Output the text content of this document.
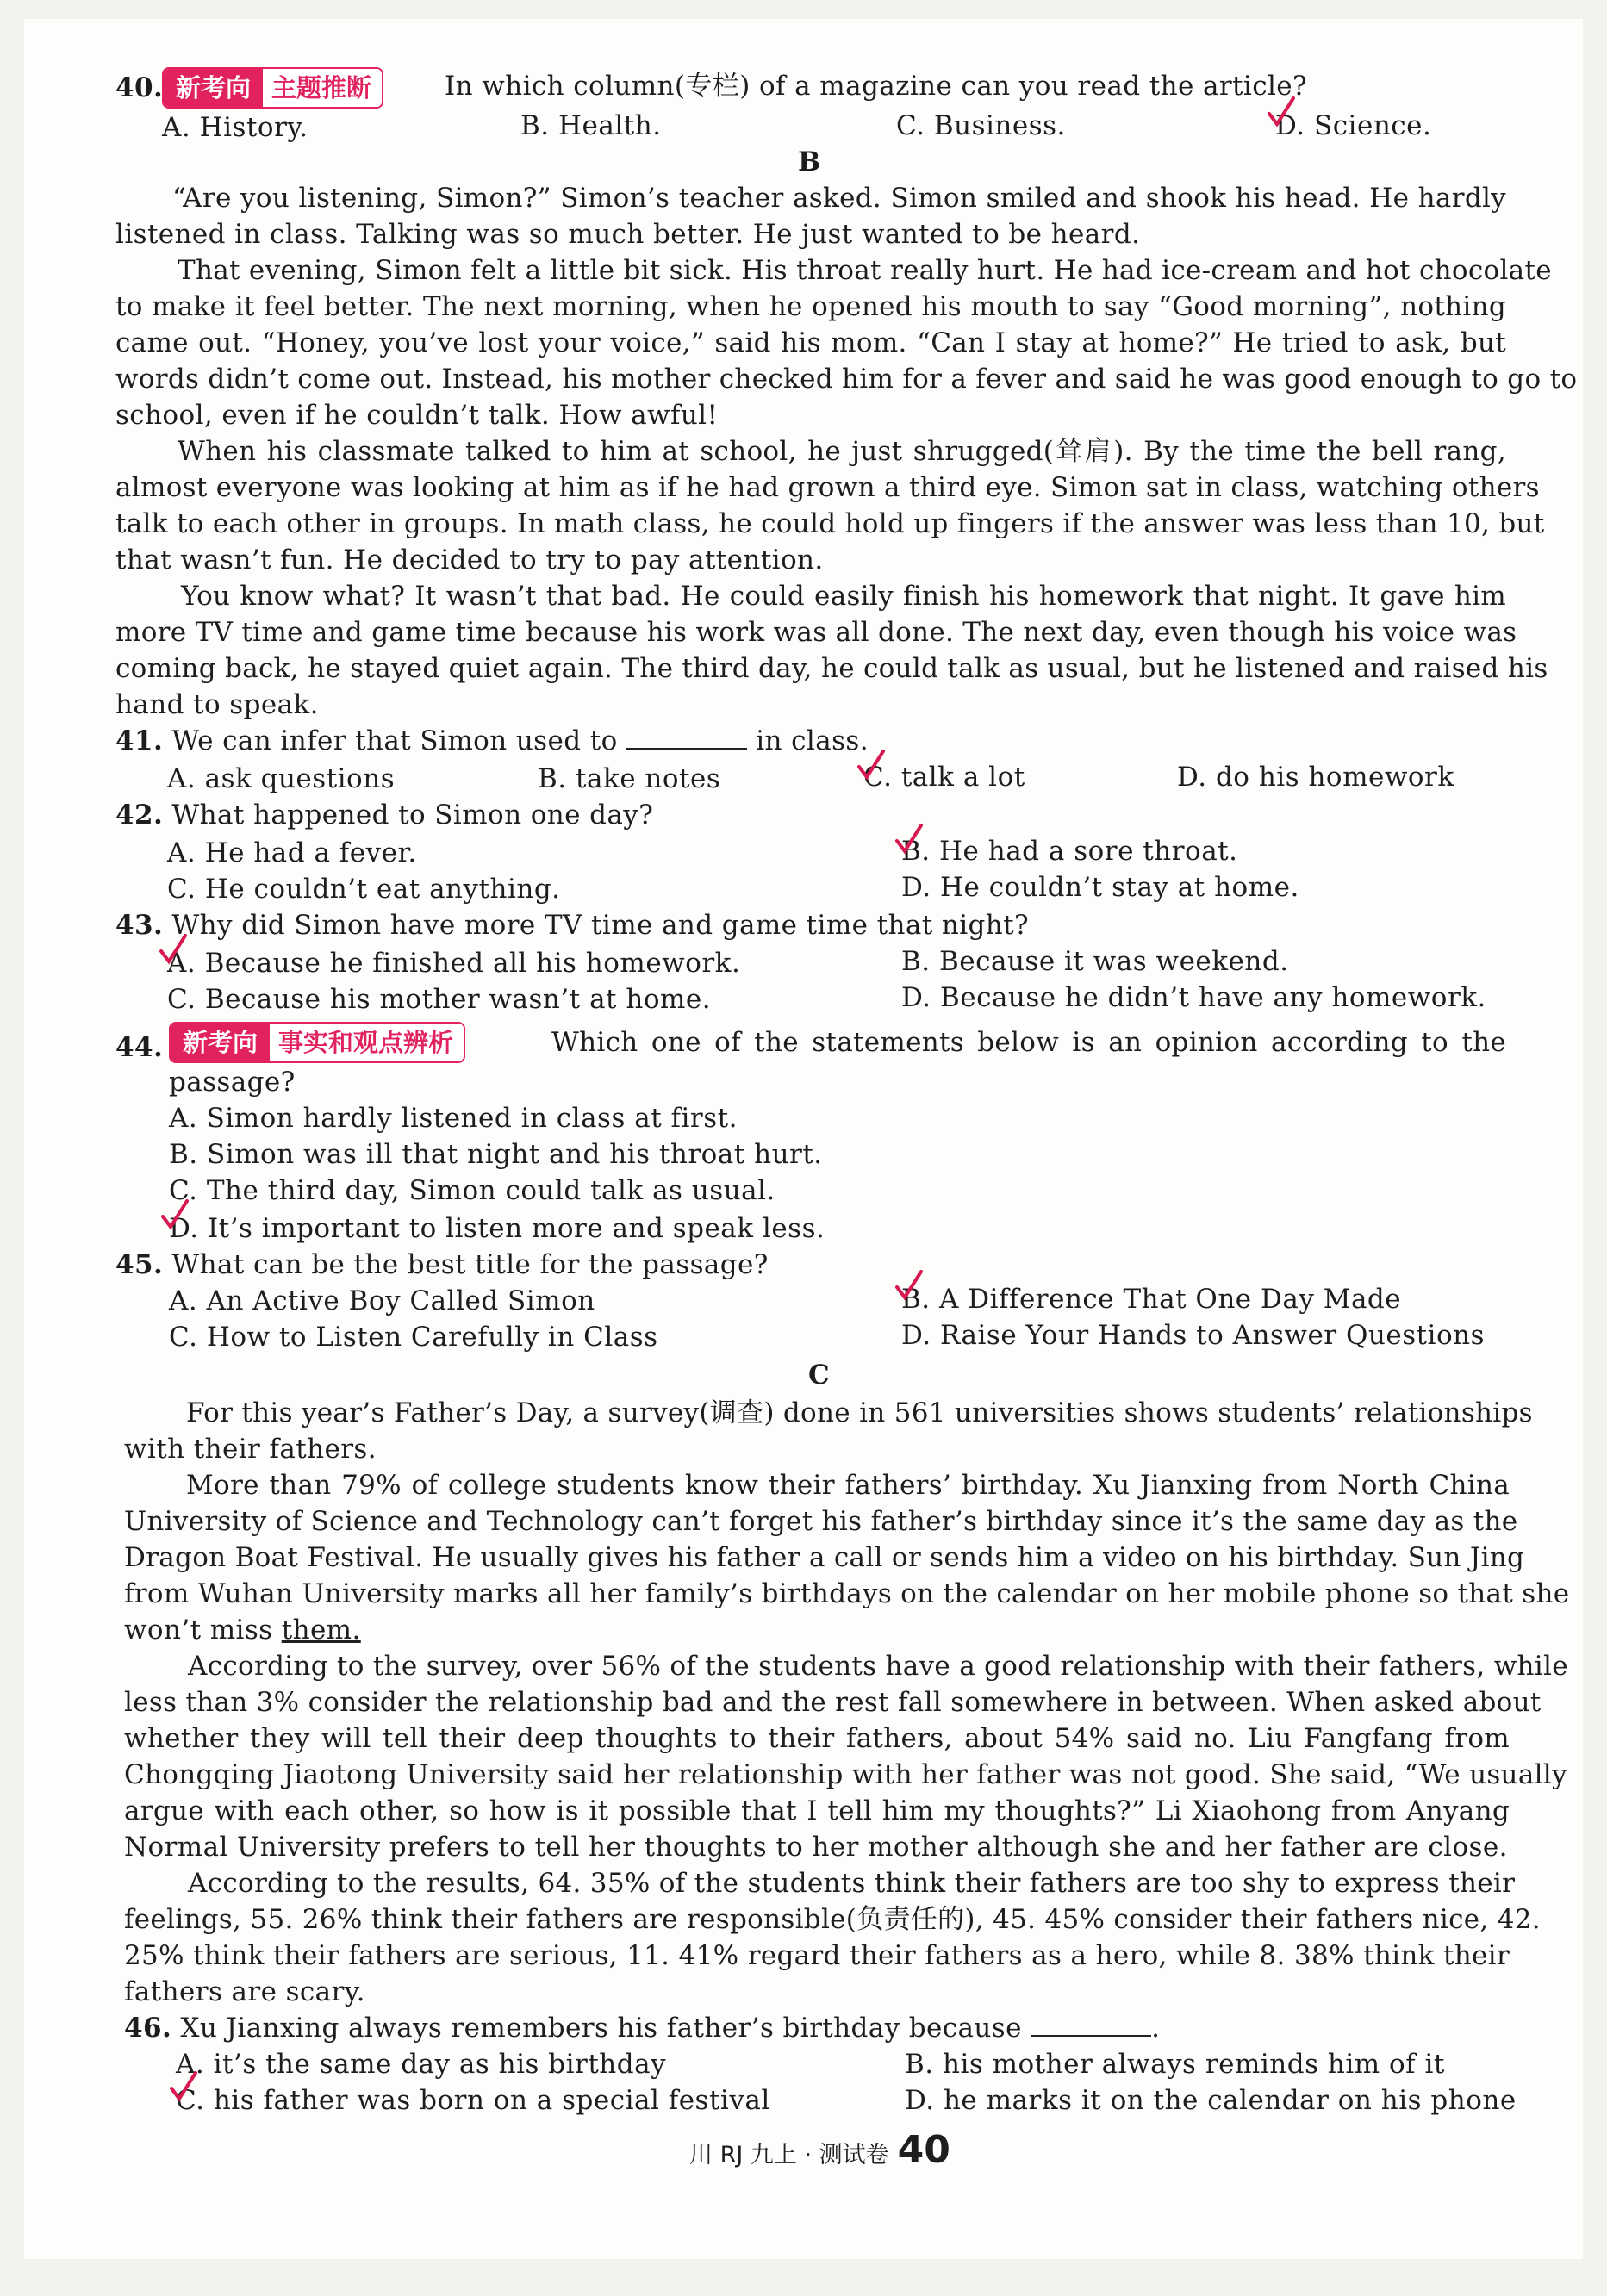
40. 新考向 主题推断	In which column(专栏) of a magazine can you read the article?
A. History.	B. Health.	C. Business.	D. Science.
B
“Are you listening, Simon?” Simon’s teacher asked. Simon smiled and shook his head. He hardly
listened in class. Talking was so much better. He just wanted to be heard.
That evening, Simon felt a little bit sick. His throat really hurt. He had ice-cream and hot chocolate
to make it feel better. The next morning, when he opened his mouth to say “Good morning”, nothing
came out. “Honey, you’ve lost your voice,” said his mom. “Can I stay at home?” He tried to ask, but
words didn’t come out. Instead, his mother checked him for a fever and said he was good enough to go to
school, even if he couldn’t talk. How awful!
When his classmate talked to him at school, he just shrugged(耸肩). By the time the bell rang,
almost everyone was looking at him as if he had grown a third eye. Simon sat in class, watching others
talk to each other in groups. In math class, he could hold up fingers if the answer was less than 10, but
that wasn’t fun. He decided to try to pay attention.
You know what? It wasn’t that bad. He could easily finish his homework that night. It gave him
more TV time and game time because his work was all done. The next day, even though his voice was
coming back, he stayed quiet again. The third day, he could talk as usual, but he listened and raised his
hand to speak.
41. We can infer that Simon used to	in class.
A. ask questions	B. take notes	C. talk a lot	D. do his homework
42. What happened to Simon one day?
A. He had a fever.	B. He had a sore throat.
C. He couldn’t eat anything.	D. He couldn’t stay at home.
43. Why did Simon have more TV time and game time that night?
A. Because he finished all his homework.	B. Because it was weekend.
C. Because his mother wasn’t at home.	D. Because he didn’t have any homework.
44. 新考向 事实和观点辨析	Which one of the statements below is an opinion according to the
passage?
A. Simon hardly listened in class at first.
B. Simon was ill that night and his throat hurt.
C. The third day, Simon could talk as usual.
D. It’s important to listen more and speak less.
45. What can be the best title for the passage?
A. An Active Boy Called Simon	B. A Difference That One Day Made
C. How to Listen Carefully in Class	D. Raise Your Hands to Answer Questions
C
For this year’s Father’s Day, a survey(调查) done in 561 universities shows students’ relationships
with their fathers.
More than 79% of college students know their fathers’ birthday. Xu Jianxing from North China
University of Science and Technology can’t forget his father’s birthday since it’s the same day as the
Dragon Boat Festival. He usually gives his father a call or sends him a video on his birthday. Sun Jing
from Wuhan University marks all her family’s birthdays on the calendar on her mobile phone so that she
won’t miss them.
According to the survey, over 56% of the students have a good relationship with their fathers, while
less than 3% consider the relationship bad and the rest fall somewhere in between. When asked about
whether they will tell their deep thoughts to their fathers, about 54% said no. Liu Fangfang from
Chongqing Jiaotong University said her relationship with her father was not good. She said, “We usually
argue with each other, so how is it possible that I tell him my thoughts?” Li Xiaohong from Anyang
Normal University prefers to tell her thoughts to her mother although she and her father are close.
According to the results, 64. 35% of the students think their fathers are too shy to express their
feelings, 55. 26% think their fathers are responsible(负责任的), 45. 45% consider their fathers nice, 42.
25% think their fathers are serious, 11. 41% regard their fathers as a hero, while 8. 38% think their
fathers are scary.
46. Xu Jianxing always remembers his father’s birthday because	.
A. it’s the same day as his birthday	B. his mother always reminds him of it
C. his father was born on a special festival	D. he marks it on the calendar on his phone
川 RJ 九上 · 测试卷 40
